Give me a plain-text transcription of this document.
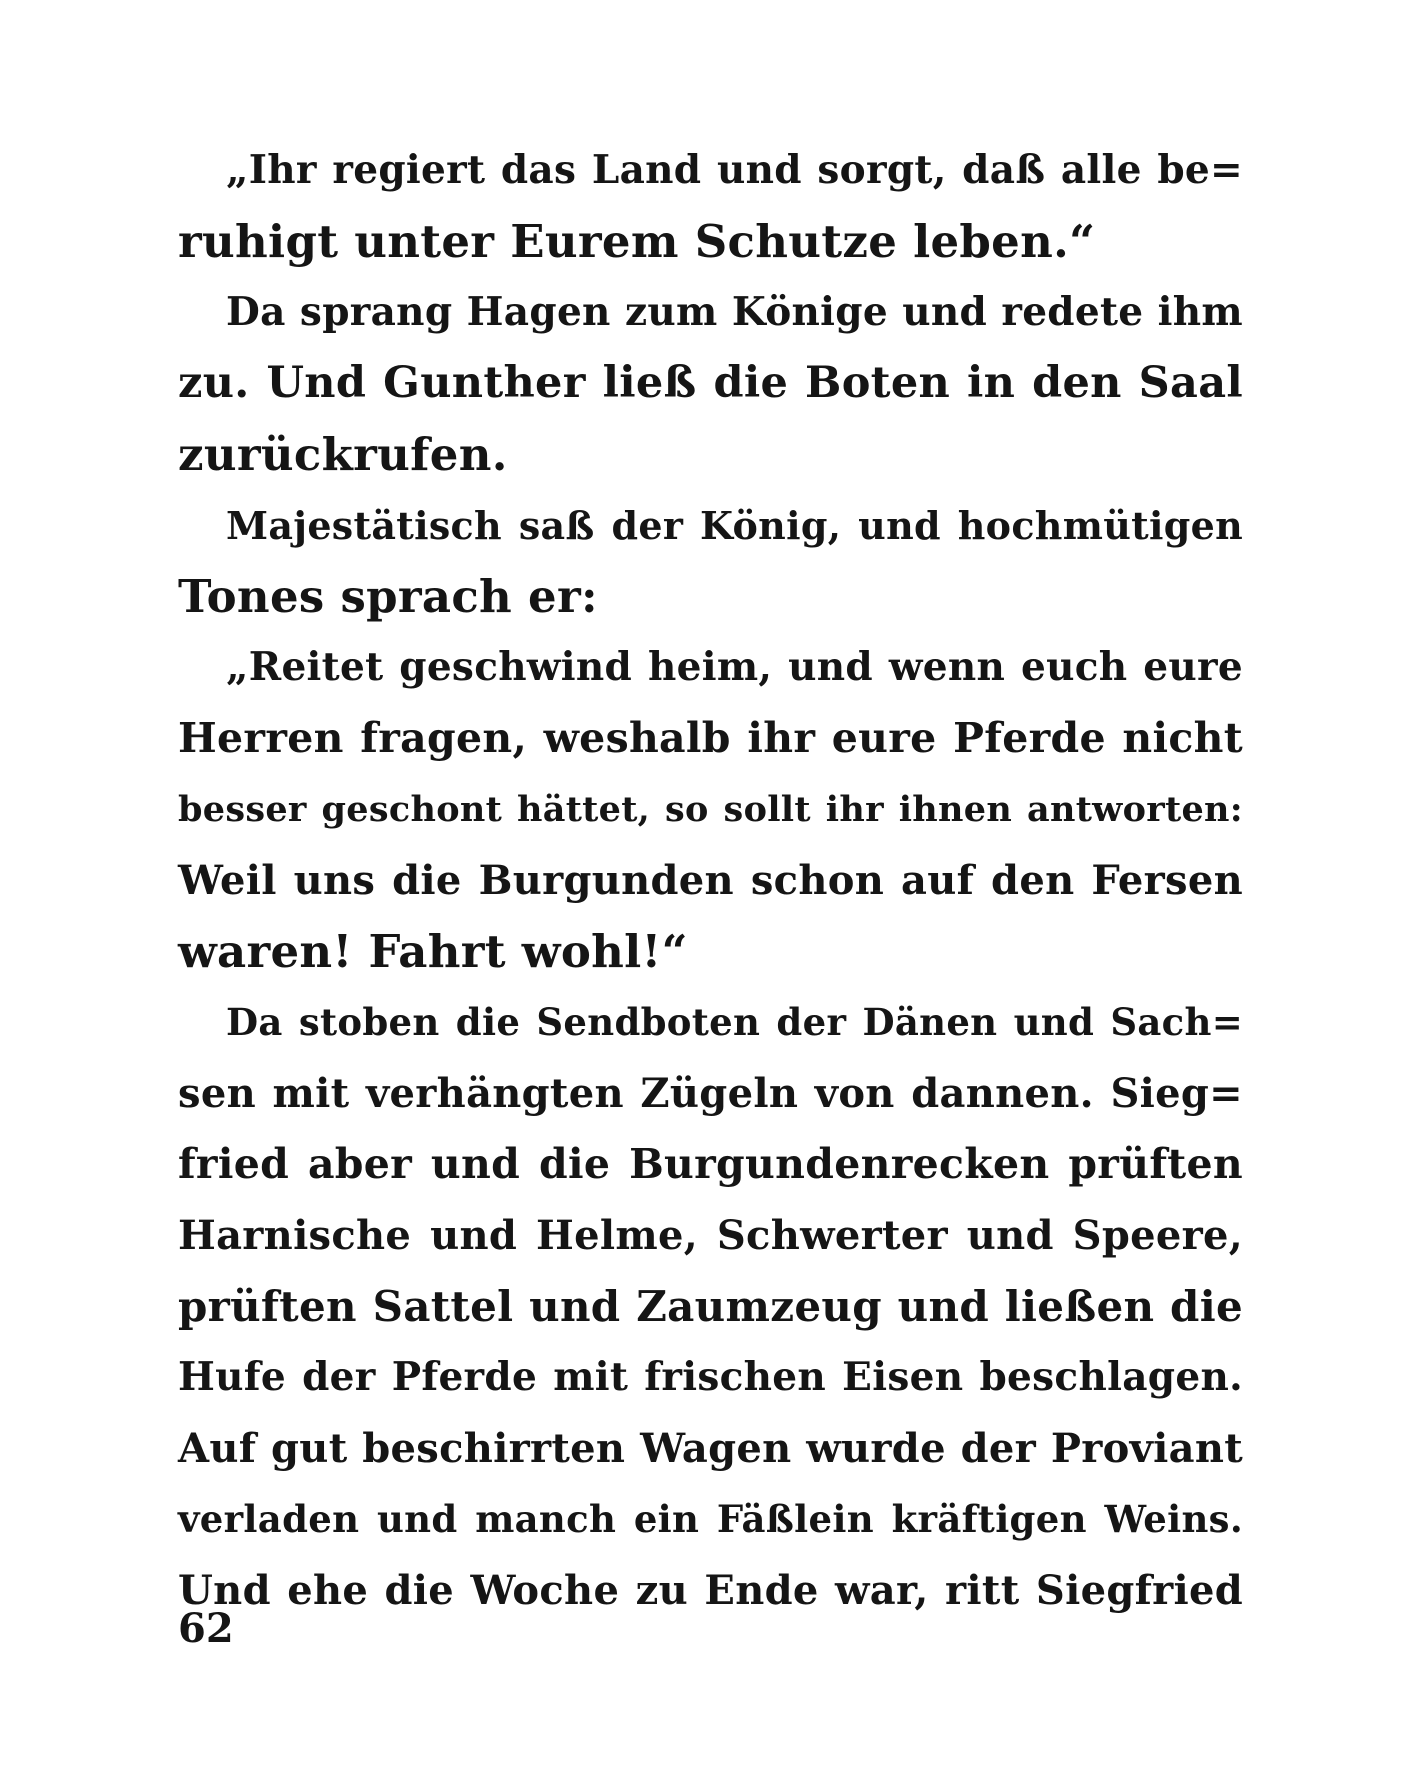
„Ihr regiert das Land und sorgt, daß alle be=
ruhigt unter Eurem Schutze leben.“
Da sprang Hagen zum Könige und redete ihm
zu. Und Gunther ließ die Boten in den Saal
zurückrufen.
Majestätisch saß der König, und hochmütigen
Tones sprach er:
„Reitet geschwind heim, und wenn euch eure
Herren fragen, weshalb ihr eure Pferde nicht
besser geschont hättet, so sollt ihr ihnen antworten:
Weil uns die Burgunden schon auf den Fersen
waren! Fahrt wohl!“
Da stoben die Sendboten der Dänen und Sach=
sen mit verhängten Zügeln von dannen. Sieg=
fried aber und die Burgundenrecken prüften
Harnische und Helme, Schwerter und Speere,
prüften Sattel und Zaumzeug und ließen die
Hufe der Pferde mit frischen Eisen beschlagen.
Auf gut beschirrten Wagen wurde der Proviant
verladen und manch ein Fäßlein kräftigen Weins.
Und ehe die Woche zu Ende war, ritt Siegfried
62
